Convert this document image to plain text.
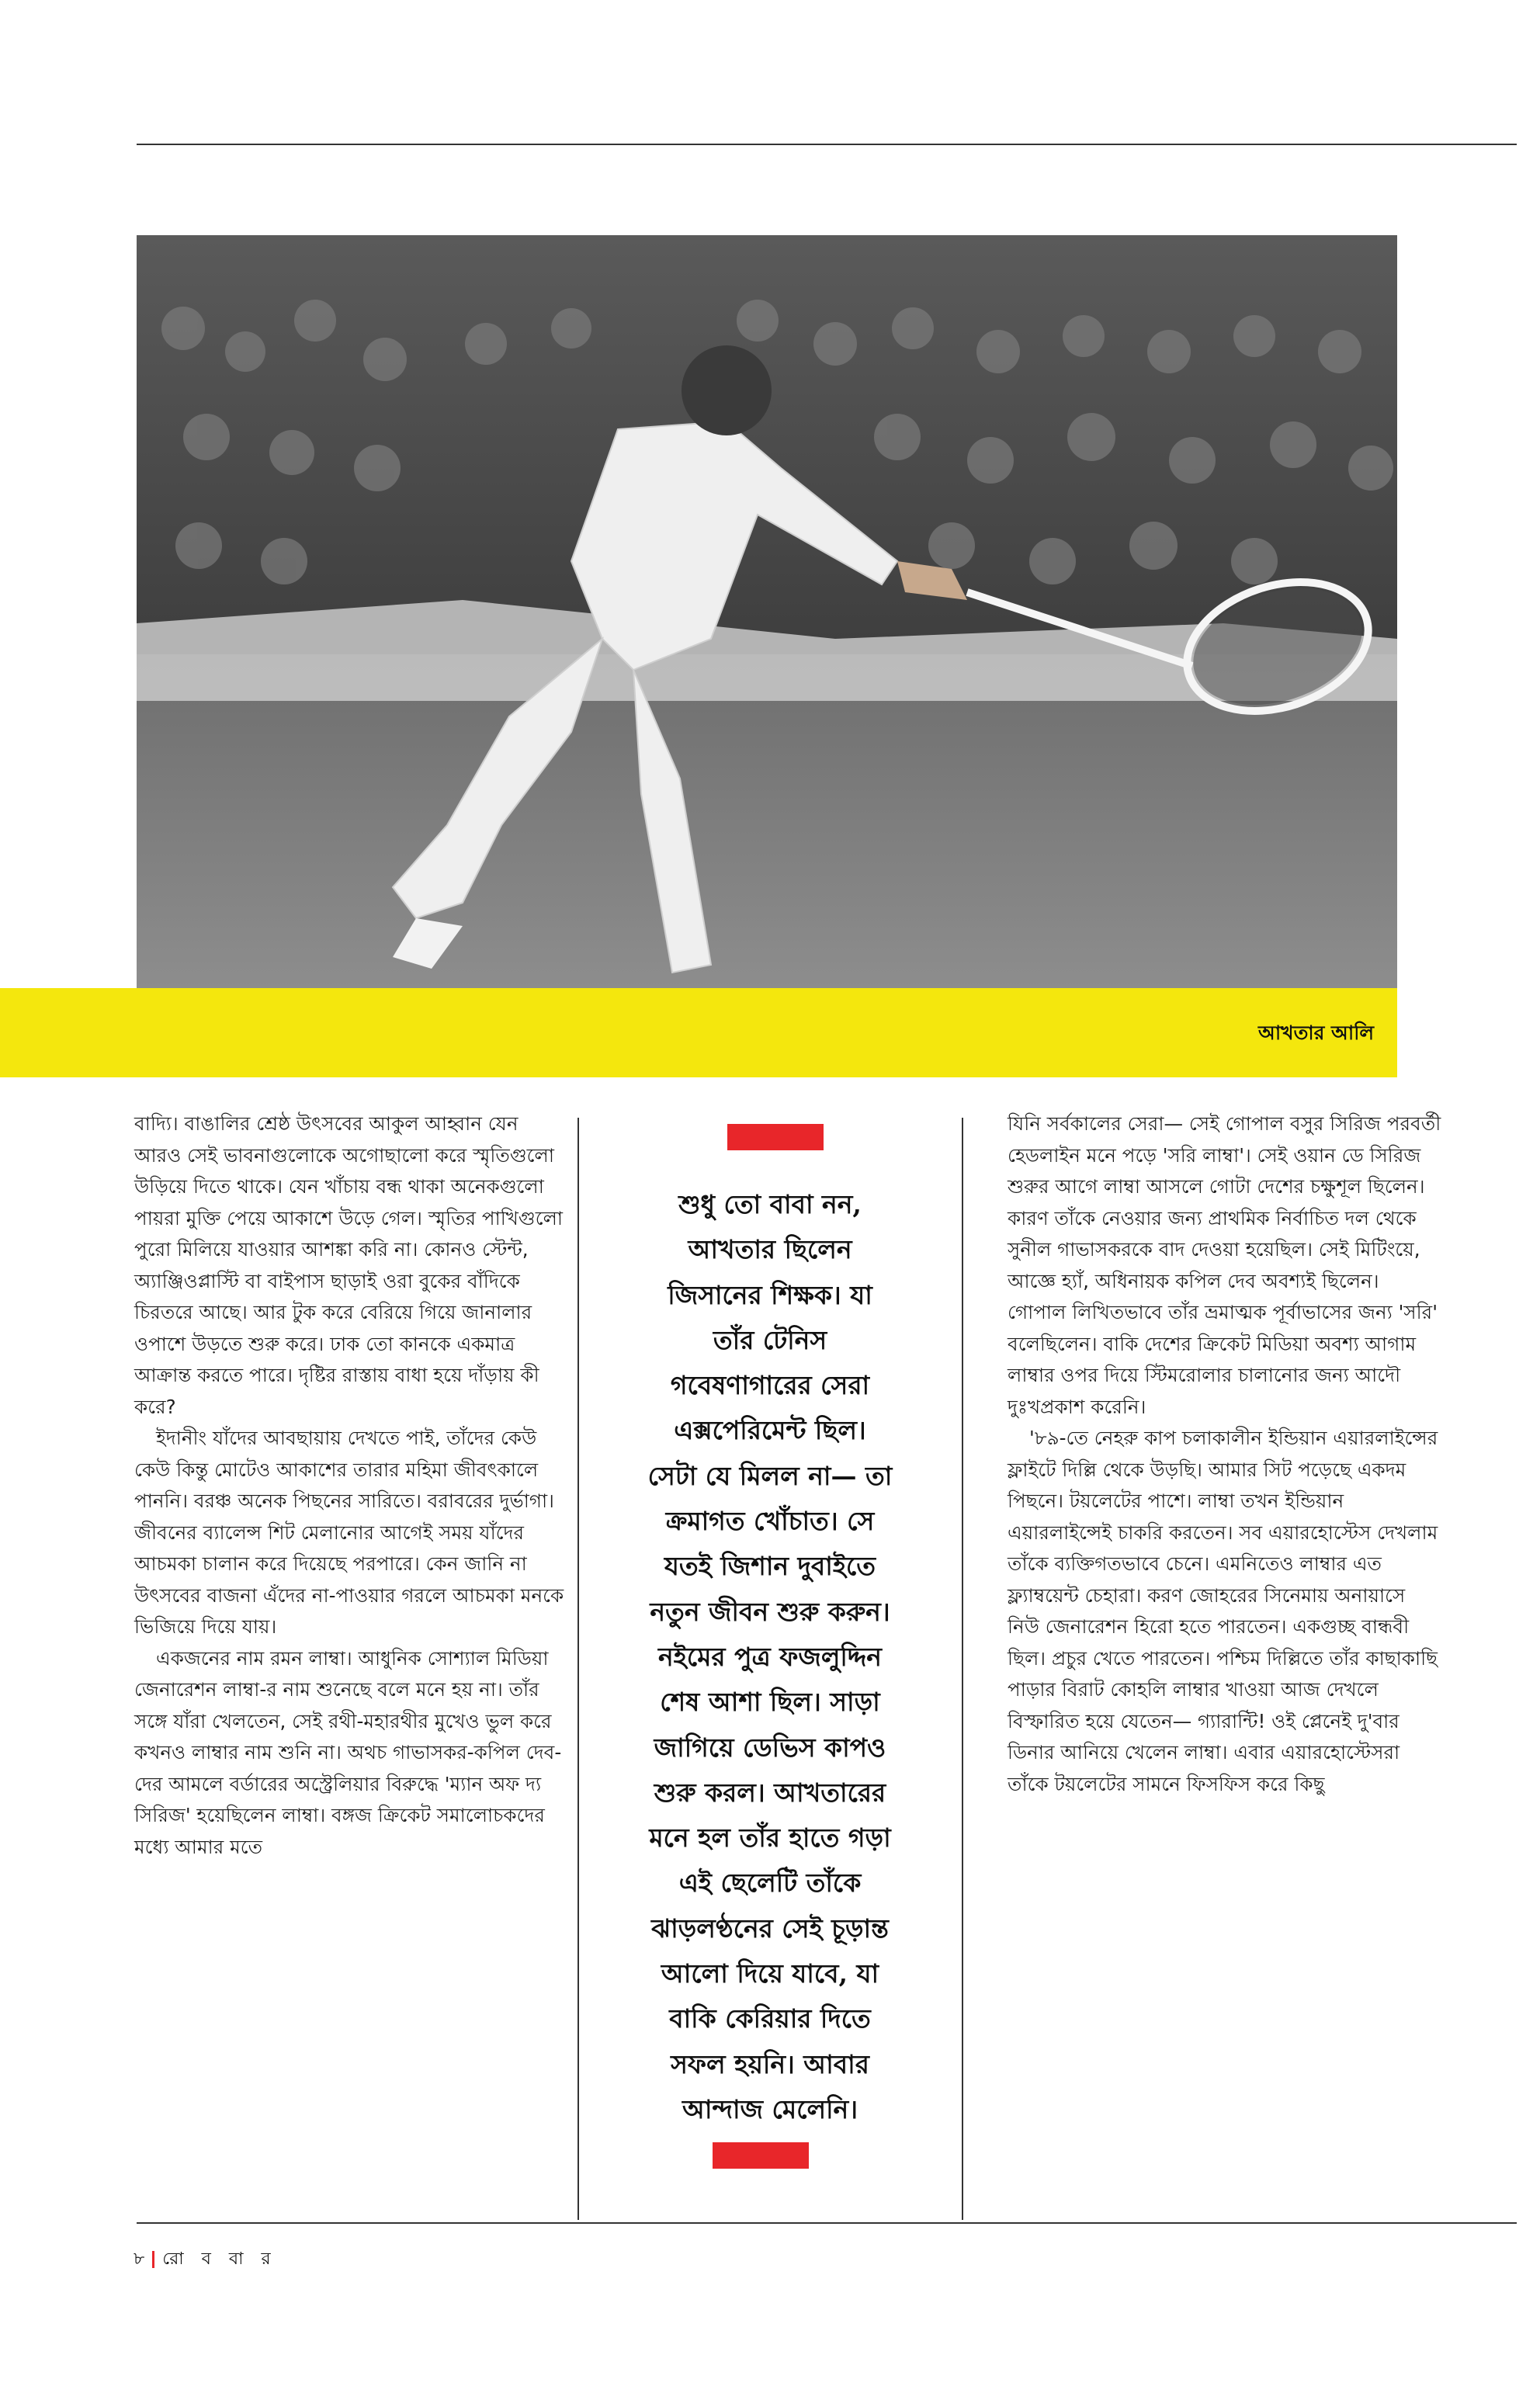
আখতার আলি

বাদ্যি। বাঙালির শ্রেষ্ঠ উৎসবের আকুল আহ্বান যেন আরও সেই ভাবনাগুলোকে অগোছালো করে স্মৃতিগুলো উড়িয়ে দিতে থাকে। যেন খাঁচায় বন্ধ থাকা অনেকগুলো পায়রা মুক্তি পেয়ে আকাশে উড়ে গেল। স্মৃতির পাখিগুলো পুরো মিলিয়ে যাওয়ার আশঙ্কা করি না। কোনও স্টেন্ট, অ্যাঞ্জিওপ্লাস্টি বা বাইপাস ছাড়াই ওরা বুকের বাঁদিকে চিরতরে আছে। আর টুক করে বেরিয়ে গিয়ে জানালার ওপাশে উড়তে শুরু করে। ঢাক তো কানকে একমাত্র আক্রান্ত করতে পারে। দৃষ্টির রাস্তায় বাধা হয়ে দাঁড়ায় কী করে?

ইদানীং যাঁদের আবছায়ায় দেখতে পাই, তাঁদের কেউ কেউ কিন্তু মোটেও আকাশের তারার মহিমা জীবৎকালে পাননি। বরঞ্চ অনেক পিছনের সারিতে। বরাবরের দুর্ভাগা। জীবনের ব্যালেন্স শিট মেলানোর আগেই সময় যাঁদের আচমকা চালান করে দিয়েছে পরপারে। কেন জানি না উৎসবের বাজনা এঁদের না-পাওয়ার গরলে আচমকা মনকে ভিজিয়ে দিয়ে যায়।

একজনের নাম রমন লাম্বা। আধুনিক সোশ্যাল মিডিয়া জেনারেশন লাম্বা-র নাম শুনেছে বলে মনে হয় না। তাঁর সঙ্গে যাঁরা খেলতেন, সেই রথী-মহারথীর মুখেও ভুল করে কখনও লাম্বার নাম শুনি না। অথচ গাভাসকর-কপিল দেব-দের আমলে বর্ডারের অস্ট্রেলিয়ার বিরুদ্ধে 'ম্যান অফ দ্য সিরিজ' হয়েছিলেন লাম্বা। বঙ্গজ ক্রিকেট সমালোচকদের মধ্যে আমার মতে

শুধু তো বাবা নন,
আখতার ছিলেন
জিসানের শিক্ষক। যা
তাঁর টেনিস
গবেষণাগারের সেরা
এক্সপেরিমেন্ট ছিল।
সেটা যে মিলল না— তা
ক্রমাগত খোঁচাত। সে
যতই জিশান দুবাইতে
নতুন জীবন শুরু করুন।
নইমের পুত্র ফজলুদ্দিন
শেষ আশা ছিল। সাড়া
জাগিয়ে ডেভিস কাপও
শুরু করল। আখতারের
মনে হল তাঁর হাতে গড়া
এই ছেলেটি তাঁকে
ঝাড়লণ্ঠনের সেই চূড়ান্ত
আলো দিয়ে যাবে, যা
বাকি কেরিয়ার দিতে
সফল হয়নি। আবার
আন্দাজ মেলেনি।

যিনি সর্বকালের সেরা— সেই গোপাল বসুর সিরিজ পরবর্তী হেডলাইন মনে পড়ে 'সরি লাম্বা'। সেই ওয়ান ডে সিরিজ শুরুর আগে লাম্বা আসলে গোটা দেশের চক্ষুশূল ছিলেন। কারণ তাঁকে নেওয়ার জন্য প্রাথমিক নির্বাচিত দল থেকে সুনীল গাভাসকরকে বাদ দেওয়া হয়েছিল। সেই মিটিংয়ে, আজ্ঞে হ্যাঁ, অধিনায়ক কপিল দেব অবশ্যই ছিলেন। গোপাল লিখিতভাবে তাঁর ভ্রমাত্মক পূর্বাভাসের জন্য 'সরি' বলেছিলেন। বাকি দেশের ক্রিকেট মিডিয়া অবশ্য আগাম লাম্বার ওপর দিয়ে স্টিমরোলার চালানোর জন্য আদৌ দুঃখপ্রকাশ করেনি।

'৮৯-তে নেহরু কাপ চলাকালীন ইন্ডিয়ান এয়ারলাইন্সের ফ্লাইটে দিল্লি থেকে উড়ছি। আমার সিট পড়েছে একদম পিছনে। টয়লেটের পাশে। লাম্বা তখন ইন্ডিয়ান এয়ারলাইন্সেই চাকরি করতেন। সব এয়ারহোস্টেস দেখলাম তাঁকে ব্যক্তিগতভাবে চেনে। এমনিতেও লাম্বার এত ফ্ল্যাম্বয়েন্ট চেহারা। করণ জোহরের সিনেমায় অনায়াসে নিউ জেনারেশন হিরো হতে পারতেন। একগুচ্ছ বান্ধবী ছিল। প্রচুর খেতে পারতেন। পশ্চিম দিল্লিতে তাঁর কাছাকাছি পাড়ার বিরাট কোহলি লাম্বার খাওয়া আজ দেখলে বিস্ফারিত হয়ে যেতেন— গ্যারান্টি! ওই প্লেনেই দু'বার ডিনার আনিয়ে খেলেন লাম্বা। এবার এয়ারহোস্টেসরা তাঁকে টয়লেটের সামনে ফিসফিস করে কিছু

৮ রো ব বা র
